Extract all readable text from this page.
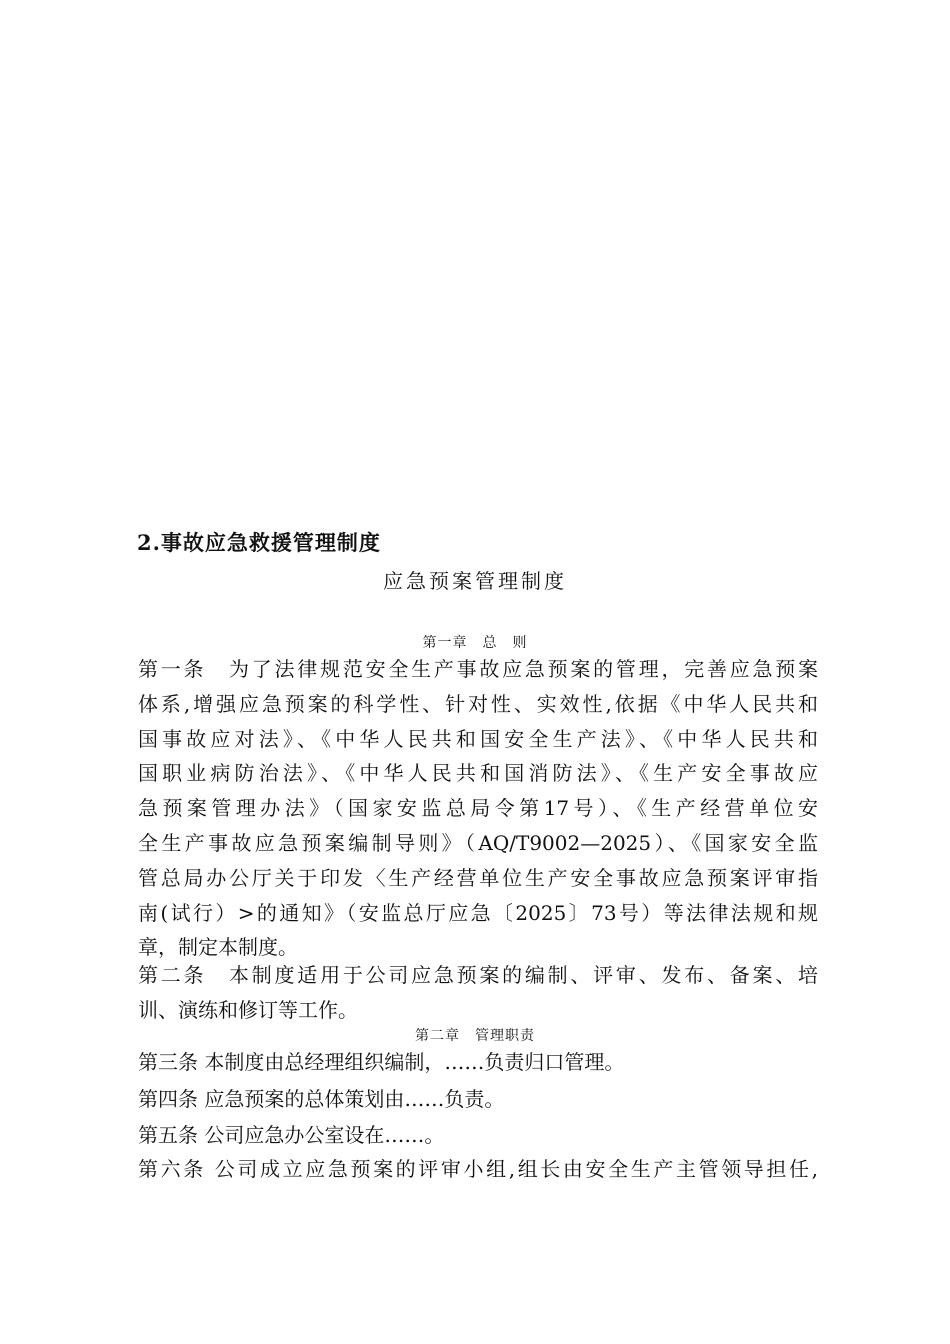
2.事故应急救援管理制度
应急预案管理制度
第一章　总　则
第一条　为了法律规范安全生产事故应急预案的管理，完善应急预案
体系,增强应急预案的科学性、针对性、实效性,依据《中华人民共和
国事故应对法》、《中华人民共和国安全生产法》、《中华人民共和
国职业病防治法》、《中华人民共和国消防法》、《生产安全事故应
急预案管理办法》（国家安监总局令第17号）、《生产经营单位安
全生产事故应急预案编制导则》（AQ/T9002—2025）、《国家安全监
管总局办公厅关于印发〈生产经营单位生产安全事故应急预案评审指
南(试行）>的通知》（安监总厅应急〔2025〕73号）等法律法规和规
章，制定本制度。
第二条　本制度适用于公司应急预案的编制、评审、发布、备案、培
训、演练和修订等工作。
第二章　管理职责
第三条 本制度由总经理组织编制，……负责归口管理。
第四条 应急预案的总体策划由……负责。
第五条 公司应急办公室设在……。
第六条 公司成立应急预案的评审小组,组长由安全生产主管领导担任,
